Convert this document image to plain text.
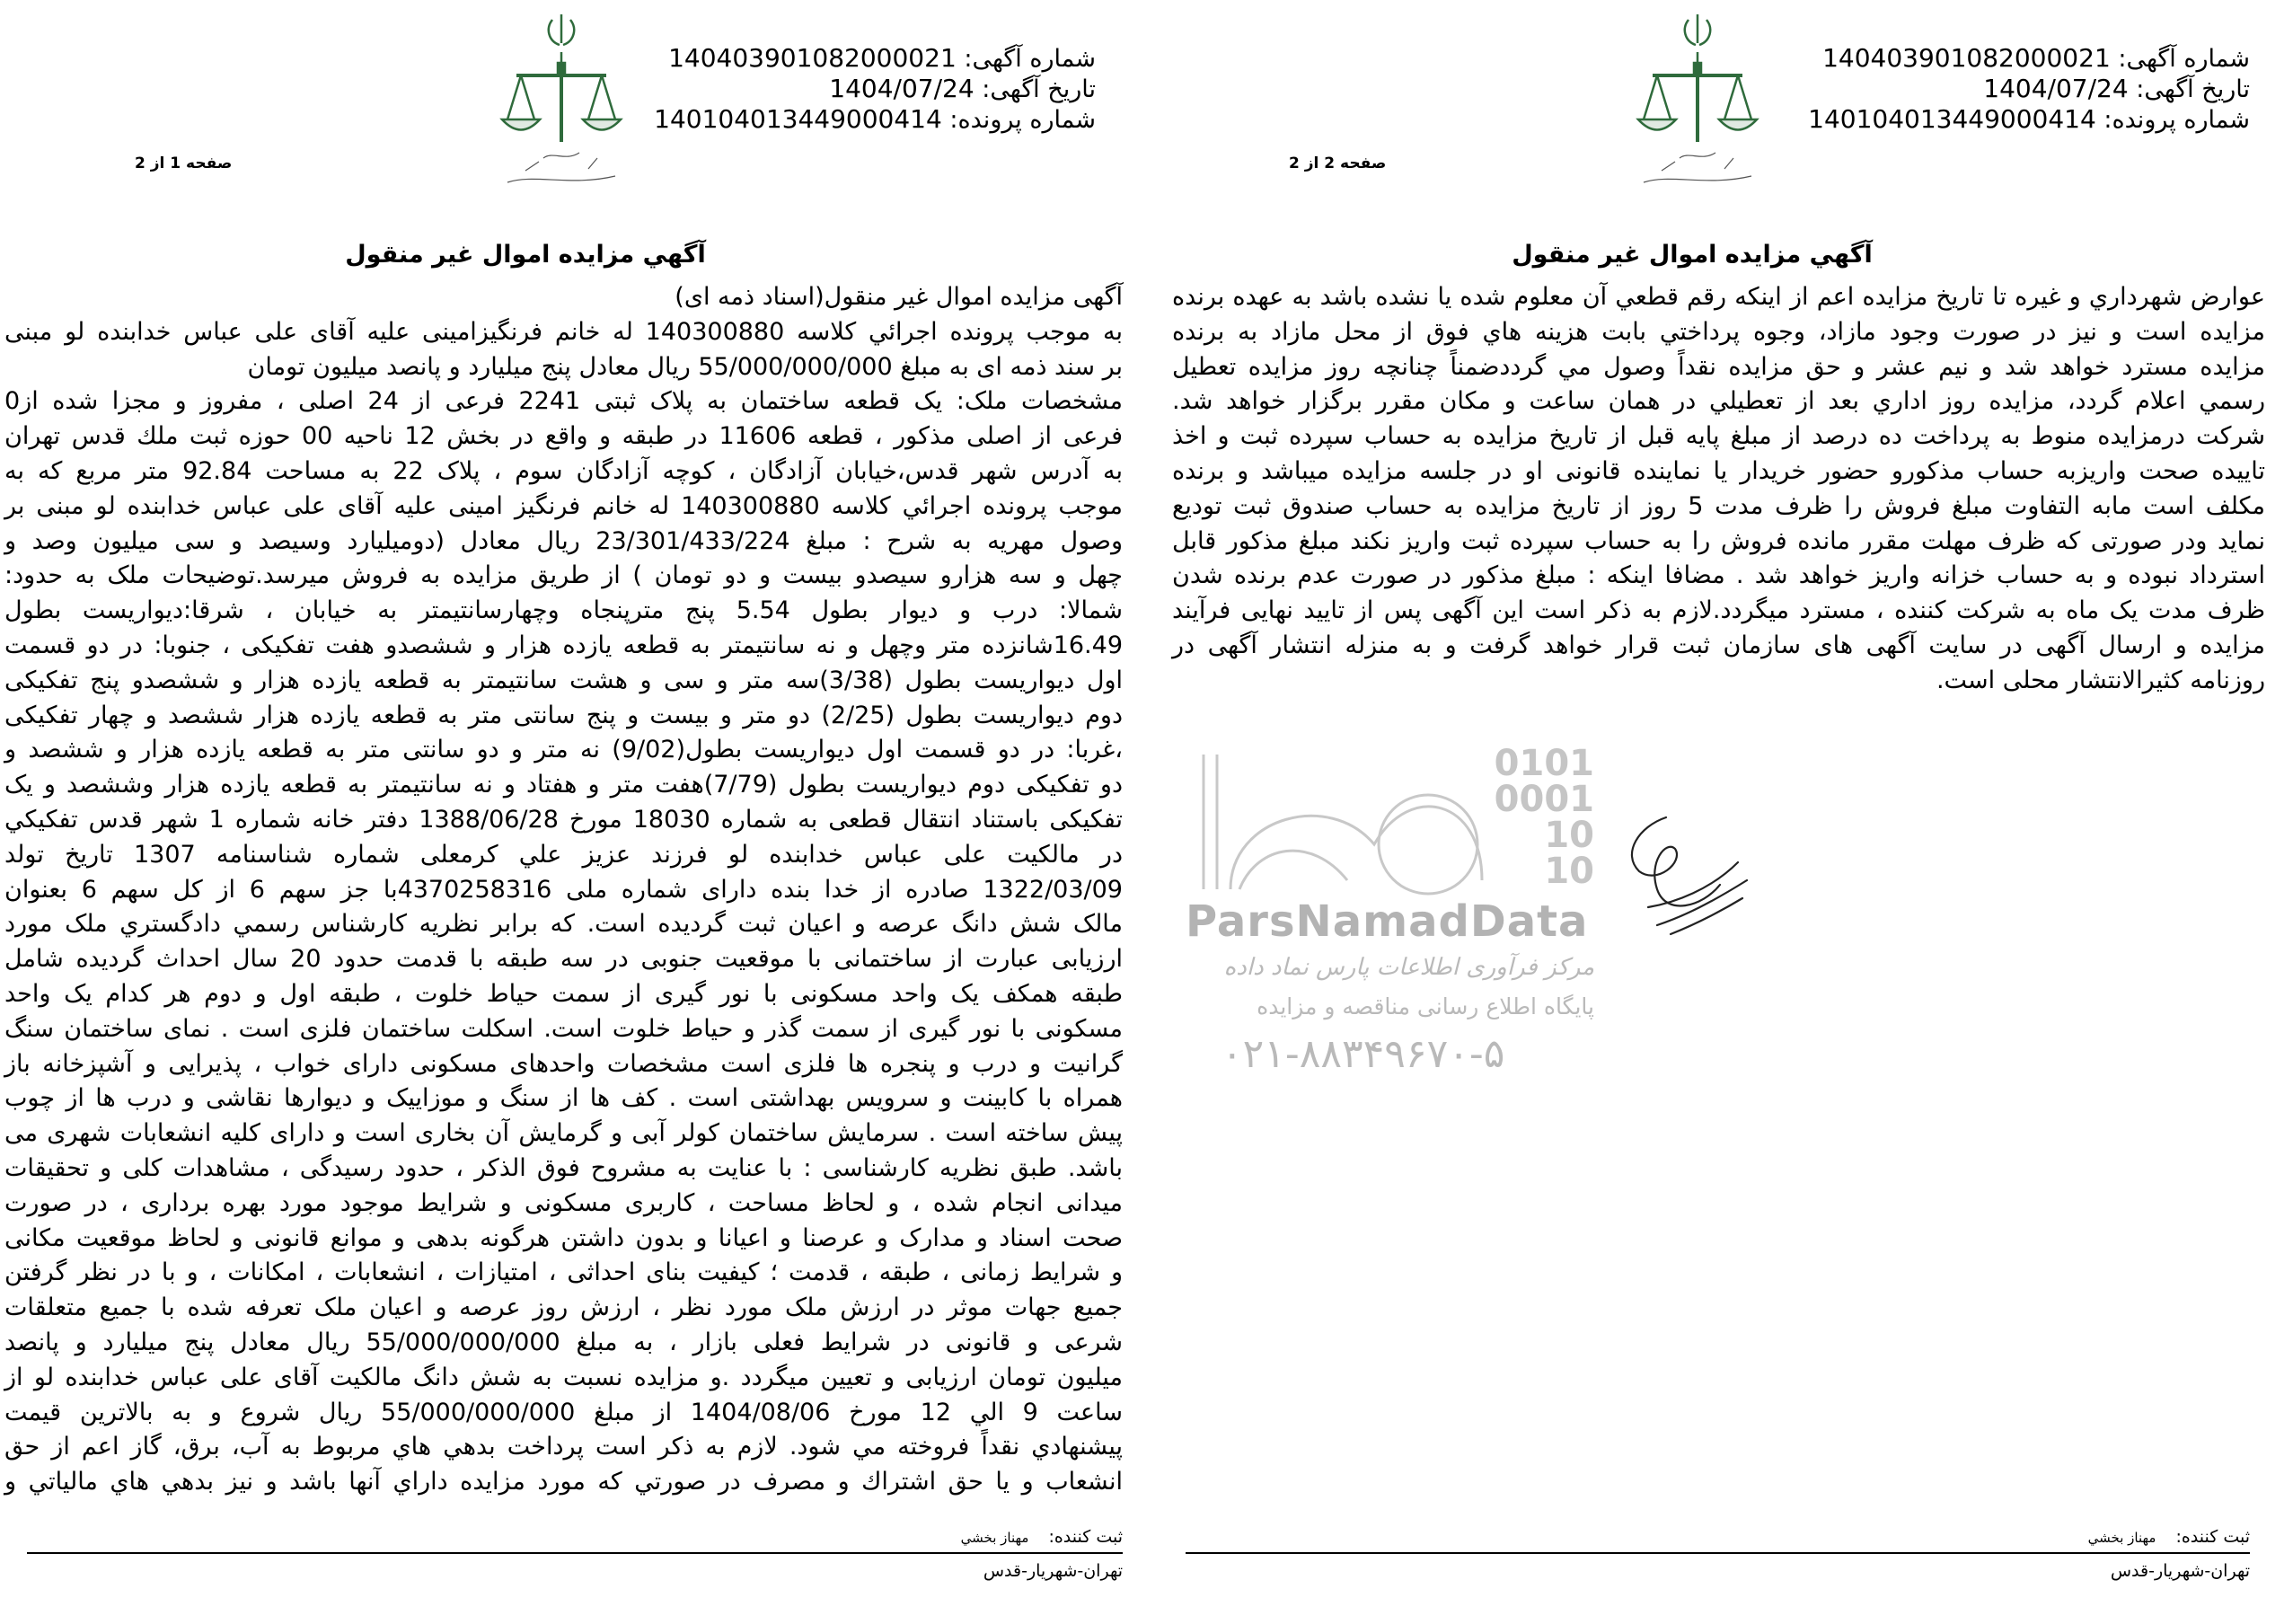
شماره آگهی: 140403901082000021
تاریخ آگهی: 1404/07/24
شماره پرونده: 140104013449000414
صفحه 1 از 2
آگهي مزايده اموال غير منقول
آگهی مزایده اموال غیر منقول(اسناد ذمه ای)
به موجب پرونده اجرائي کلاسه 140300880 له خانم فرنگیزامینی علیه آقای علی عباس خدابنده لو مبنی
بر سند ذمه ای به مبلغ 55/000/000/000 ریال معادل پنج میلیارد و پانصد میلیون تومان
مشخصات ملک: یک قطعه ساختمان به پلاک ثبتی 2241 فرعی از 24 اصلی ، مفروز و مجزا شده از0
فرعی از اصلی مذکور ، قطعه 11606 در طبقه و واقع در بخش 12 ناحیه 00 حوزه ثبت ملك قدس تهران
به آدرس شهر قدس،خیابان آزادگان ، کوچه آزادگان سوم ، پلاک 22 به مساحت 92.84 متر مربع که به
موجب پرونده اجرائي کلاسه 140300880 له خانم فرنگیز امینی علیه آقای علی عباس خدابنده لو مبنی بر
وصول مهریه به شرح : مبلغ 23/301/433/224 ریال معادل (دومیلیارد وسیصد و سی میلیون وصد و
چهل و سه هزارو سیصدو بیست و دو تومان ) از طریق مزایده به فروش میرسد.توضیحات ملک به حدود:
شمالا: درب و دیوار بطول 5.54 پنج مترپنجاه وچهارسانتیمتر به خیابان ، شرقا:دیواریست بطول
16.49شانزده متر وچهل و نه سانتیمتر به قطعه یازده هزار و ششصدو هفت تفکیکی ، جنوبا: در دو قسمت
اول دیواریست بطول (3/38)سه متر و سی و هشت سانتیمتر به قطعه یازده هزار و ششصدو پنج تفکیکی
دوم دیواریست بطول (2/25) دو متر و بیست و پنج سانتی متر به قطعه یازده هزار ششصد و چهار تفکیکی
،غربا: در دو قسمت اول دیواریست بطول(9/02) نه متر و دو سانتی متر به قطعه یازده هزار و ششصد و
دو تفکیکی دوم دیواریست بطول (7/79)هفت متر و هفتاد و نه سانتیمتر به قطعه یازده هزار وششصد و یک
تفکیکی باستناد انتقال قطعی به شماره 18030 مورخ 1388/06/28 دفتر خانه شماره 1 شهر قدس تفکیکي
در مالکیت علی عباس خدابنده لو فرزند عزیز علي کرمعلی شماره شناسنامه 1307 تاریخ تولد
1322/03/09 صادره از خدا بنده دارای شماره ملی 4370258316با جز سهم 6 از کل سهم 6 بعنوان
مالک شش دانگ عرصه و اعیان ثبت گردیده است. که برابر نظریه کارشناس رسمي دادگستري ملک مورد
ارزیابی عبارت از ساختمانی با موقعیت جنوبی در سه طبقه با قدمت حدود 20 سال احداث گردیده شامل
طبقه همکف یک واحد مسکونی با نور گیری از سمت حیاط خلوت ، طبقه اول و دوم هر کدام یک واحد
مسکونی با نور گیری از سمت گذر و حیاط خلوت است. اسکلت ساختمان فلزی است . نمای ساختمان سنگ
گرانیت و درب و پنجره ها فلزی است مشخصات واحدهای مسکونی دارای خواب ، پذیرایی و آشپزخانه باز
همراه با کابینت و سرویس بهداشتی است . کف ها از سنگ و موزاییک و دیوارها نقاشی و درب ها از چوب
پیش ساخته است . سرمایش ساختمان کولر آبی و گرمایش آن بخاری است و دارای کلیه انشعابات شهری می
باشد. طبق نظریه کارشناسی : با عنایت به مشروح فوق الذکر ، حدود رسیدگی ، مشاهدات کلی و تحقیقات
میدانی انجام شده ، و لحاظ مساحت ، کاربری مسکونی و شرایط موجود مورد بهره برداری ، در صورت
صحت اسناد و مدارک و عرصنا و اعیانا و بدون داشتن هرگونه بدهی و موانع قانونی و لحاظ موقعیت مکانی
و شرایط زمانی ، طبقه ، قدمت ؛ کیفیت بنای احداثی ، امتیازات ، انشعابات ، امکانات ، و با در نظر گرفتن
جمیع جهات موثر در ارزش ملک مورد نظر ، ارزش روز عرصه و اعیان ملک تعرفه شده با جمیع متعلقات
شرعی و قانونی در شرایط فعلی بازار ، به مبلغ 55/000/000/000 ریال معادل پنج میلیارد و پانصد
میلیون تومان ارزیابی و تعیین میگردد .و مزایده نسبت به شش دانگ مالکیت آقای علی عباس خدابنده لو از
ساعت 9 الي 12 مورخ 1404/08/06 از مبلغ 55/000/000/000 ریال شروع و به بالاترین قیمت
پیشنهادي نقداً فروخته مي شود. لازم به ذکر است پرداخت بدهي هاي مربوط به آب، برق، گاز اعم از حق
انشعاب و یا حق اشتراك و مصرف در صورتي که مورد مزایده داراي آنها باشد و نیز بدهي هاي مالیاتي و
ثبت کننده:مهناز بخشي
تهران-شهریار-قدس
شماره آگهی: 140403901082000021
تاریخ آگهی: 1404/07/24
شماره پرونده: 140104013449000414
صفحه 2 از 2
آگهي مزايده اموال غير منقول
عوارض شهرداري و غیره تا تاریخ مزایده اعم از اینکه رقم قطعي آن معلوم شده یا نشده باشد به عهده برنده
مزایده است و نیز در صورت وجود مازاد، وجوه پرداختي بابت هزینه هاي فوق از محل مازاد به برنده
مزایده مسترد خواهد شد و نیم عشر و حق مزایده نقداً وصول مي گرددضمناً چنانچه روز مزایده تعطیل
رسمي اعلام گردد، مزایده روز اداري بعد از تعطیلي در همان ساعت و مکان مقرر برگزار خواهد شد.
شرکت درمزایده منوط به پرداخت ده درصد از مبلغ پایه قبل از تاریخ مزایده به حساب سپرده ثبت و اخذ
تاییده صحت واریزبه حساب مذکورو حضور خریدار یا نماینده قانونی او در جلسه مزایده میباشد و برنده
مکلف است مابه التفاوت مبلغ فروش را ظرف مدت 5 روز از تاریخ مزایده به حساب صندوق ثبت توديع
نماید ودر صورتی که ظرف مهلت مقرر مانده فروش را به حساب سپرده ثبت واریز نکند مبلغ مذکور قابل
استرداد نبوده و به حساب خزانه واریز خواهد شد . مضافا اینکه : مبلغ مذکور در صورت عدم برنده شدن
ظرف مدت یک ماه به شرکت کننده ، مسترد میگردد.لازم به ذکر است این آگهی پس از تایید نهایی فرآیند
مزایده و ارسال آگهی در سایت آگهی های سازمان ثبت قرار خواهد گرفت و به منزله انتشار آگهی در
روزنامه کثیرالانتشار محلی است.
ثبت کننده:مهناز بخشي
تهران-شهریار-قدس
0101
0001
10
10
ParsNamadData
مرکز فرآوری اطلاعات پارس نماد داده
پایگاه اطلاع رسانی مناقصه و مزایده
۰۲۱-۸۸۳۴۹۶۷۰-۵
